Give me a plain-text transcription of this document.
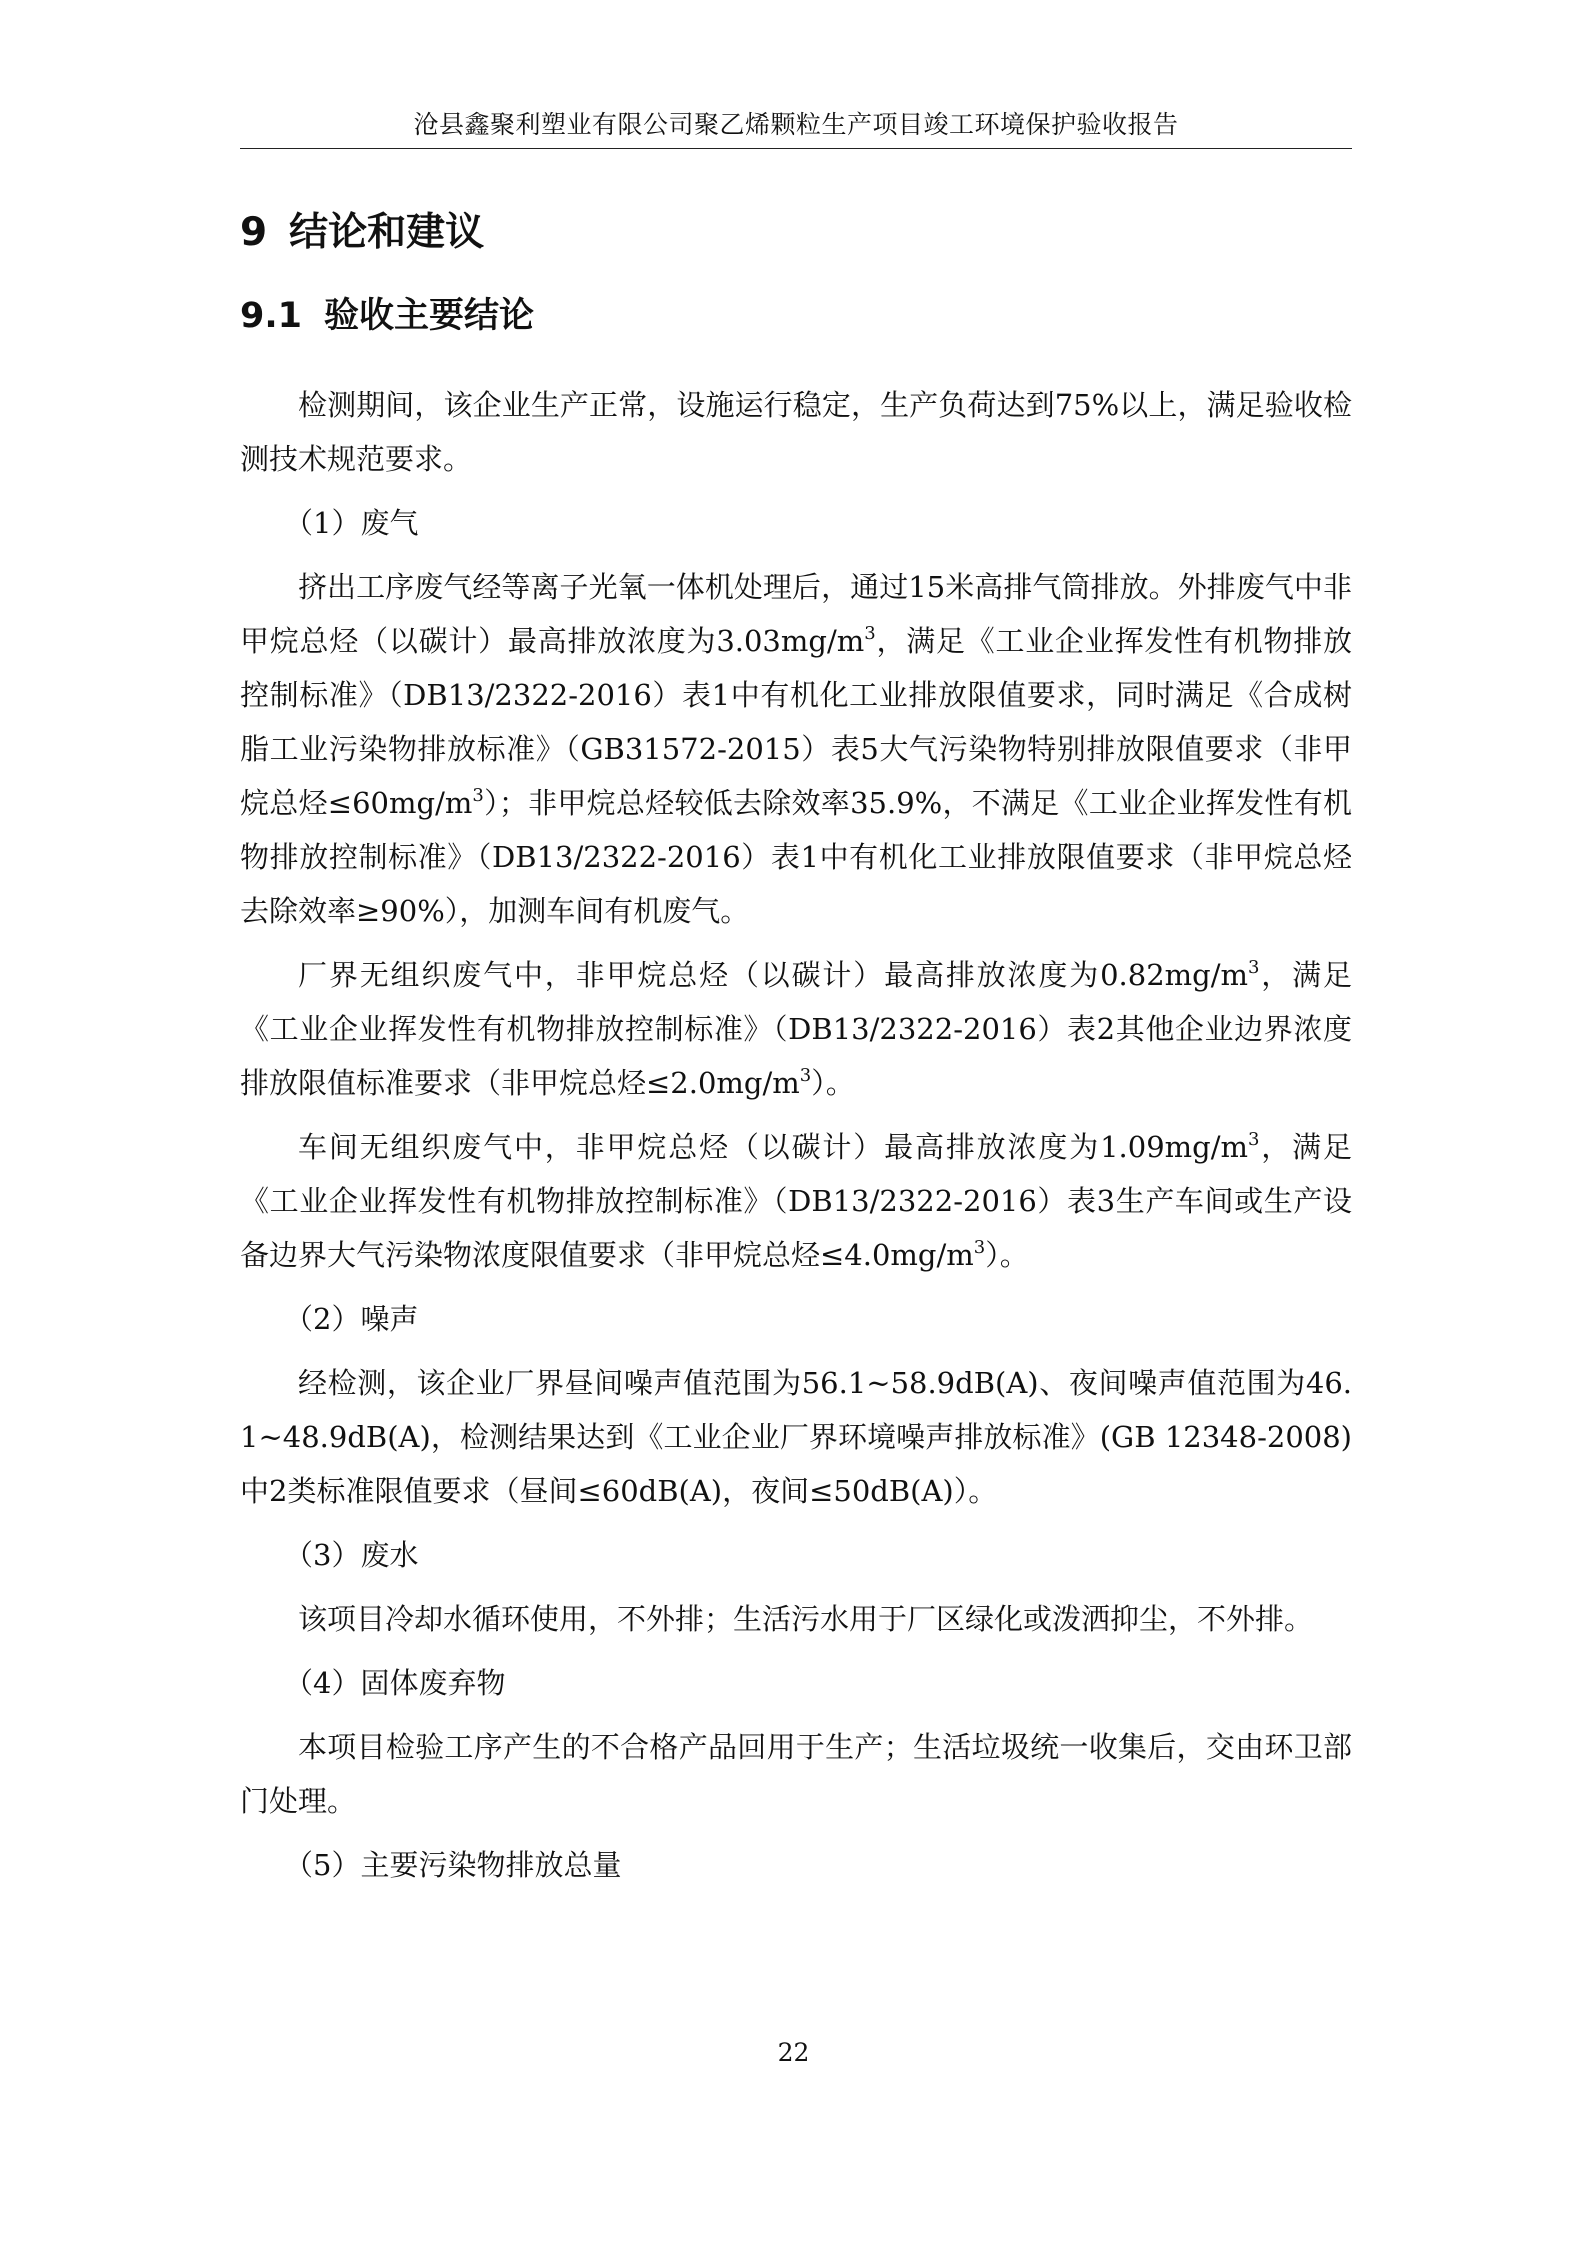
沧县鑫聚利塑业有限公司聚乙烯颗粒生产项目竣工环境保护验收报告
9 结论和建议
9.1 验收主要结论

检测期间，该企业生产正常，设施运行稳定，生产负荷达到75%以上，满足验收检测技术规范要求。

（1）废气

挤出工序废气经等离子光氧一体机处理后，通过15米高排气筒排放。外排废气中非甲烷总烃（以碳计）最高排放浓度为$3.03mg/m^3$，满足《工业企业挥发性有机物排放控制标准》（DB13/2322-2016）表1中有机化工业排放限值要求，同时满足《合成树脂工业污染物排放标准》（GB31572-2015）表5大气污染物特别排放限值要求（非甲烷总烃$\le 60mg/m^3$）；非甲烷总烃较低去除效率35.9%，不满足《工业企业挥发性有机物排放控制标准》（DB13/2322-2016）表1中有机化工业排放限值要求（非甲烷总烃去除效率≥90%），加测车间有机废气。

厂界无组织废气中，非甲烷总烃（以碳计）最高排放浓度为$0.82mg/m^3$，满足《工业企业挥发性有机物排放控制标准》（DB13/2322-2016）表2其他企业边界浓度排放限值标准要求（非甲烷总烃$\le 2.0mg/m^3$）。

车间无组织废气中，非甲烷总烃（以碳计）最高排放浓度为$1.09mg/m^3$，满足《工业企业挥发性有机物排放控制标准》（DB13/2322-2016）表3生产车间或生产设备边界大气污染物浓度限值要求（非甲烷总烃$\le 4.0mg/m^3$）。

（2）噪声

经检测，该企业厂界昼间噪声值范围为56.1~58.9dB(A)、夜间噪声值范围为46.1~48.9dB(A)，检测结果达到《工业企业厂界环境噪声排放标准》(GB 12348-2008) 中2类标准限值要求（昼间≤60dB(A)，夜间≤50dB(A)）。

（3）废水

该项目冷却水循环使用，不外排；生活污水用于厂区绿化或泼洒抑尘，不外排。

（4）固体废弃物

本项目检验工序产生的不合格产品回用于生产；生活垃圾统一收集后，交由环卫部门处理。

（5）主要污染物排放总量

22
